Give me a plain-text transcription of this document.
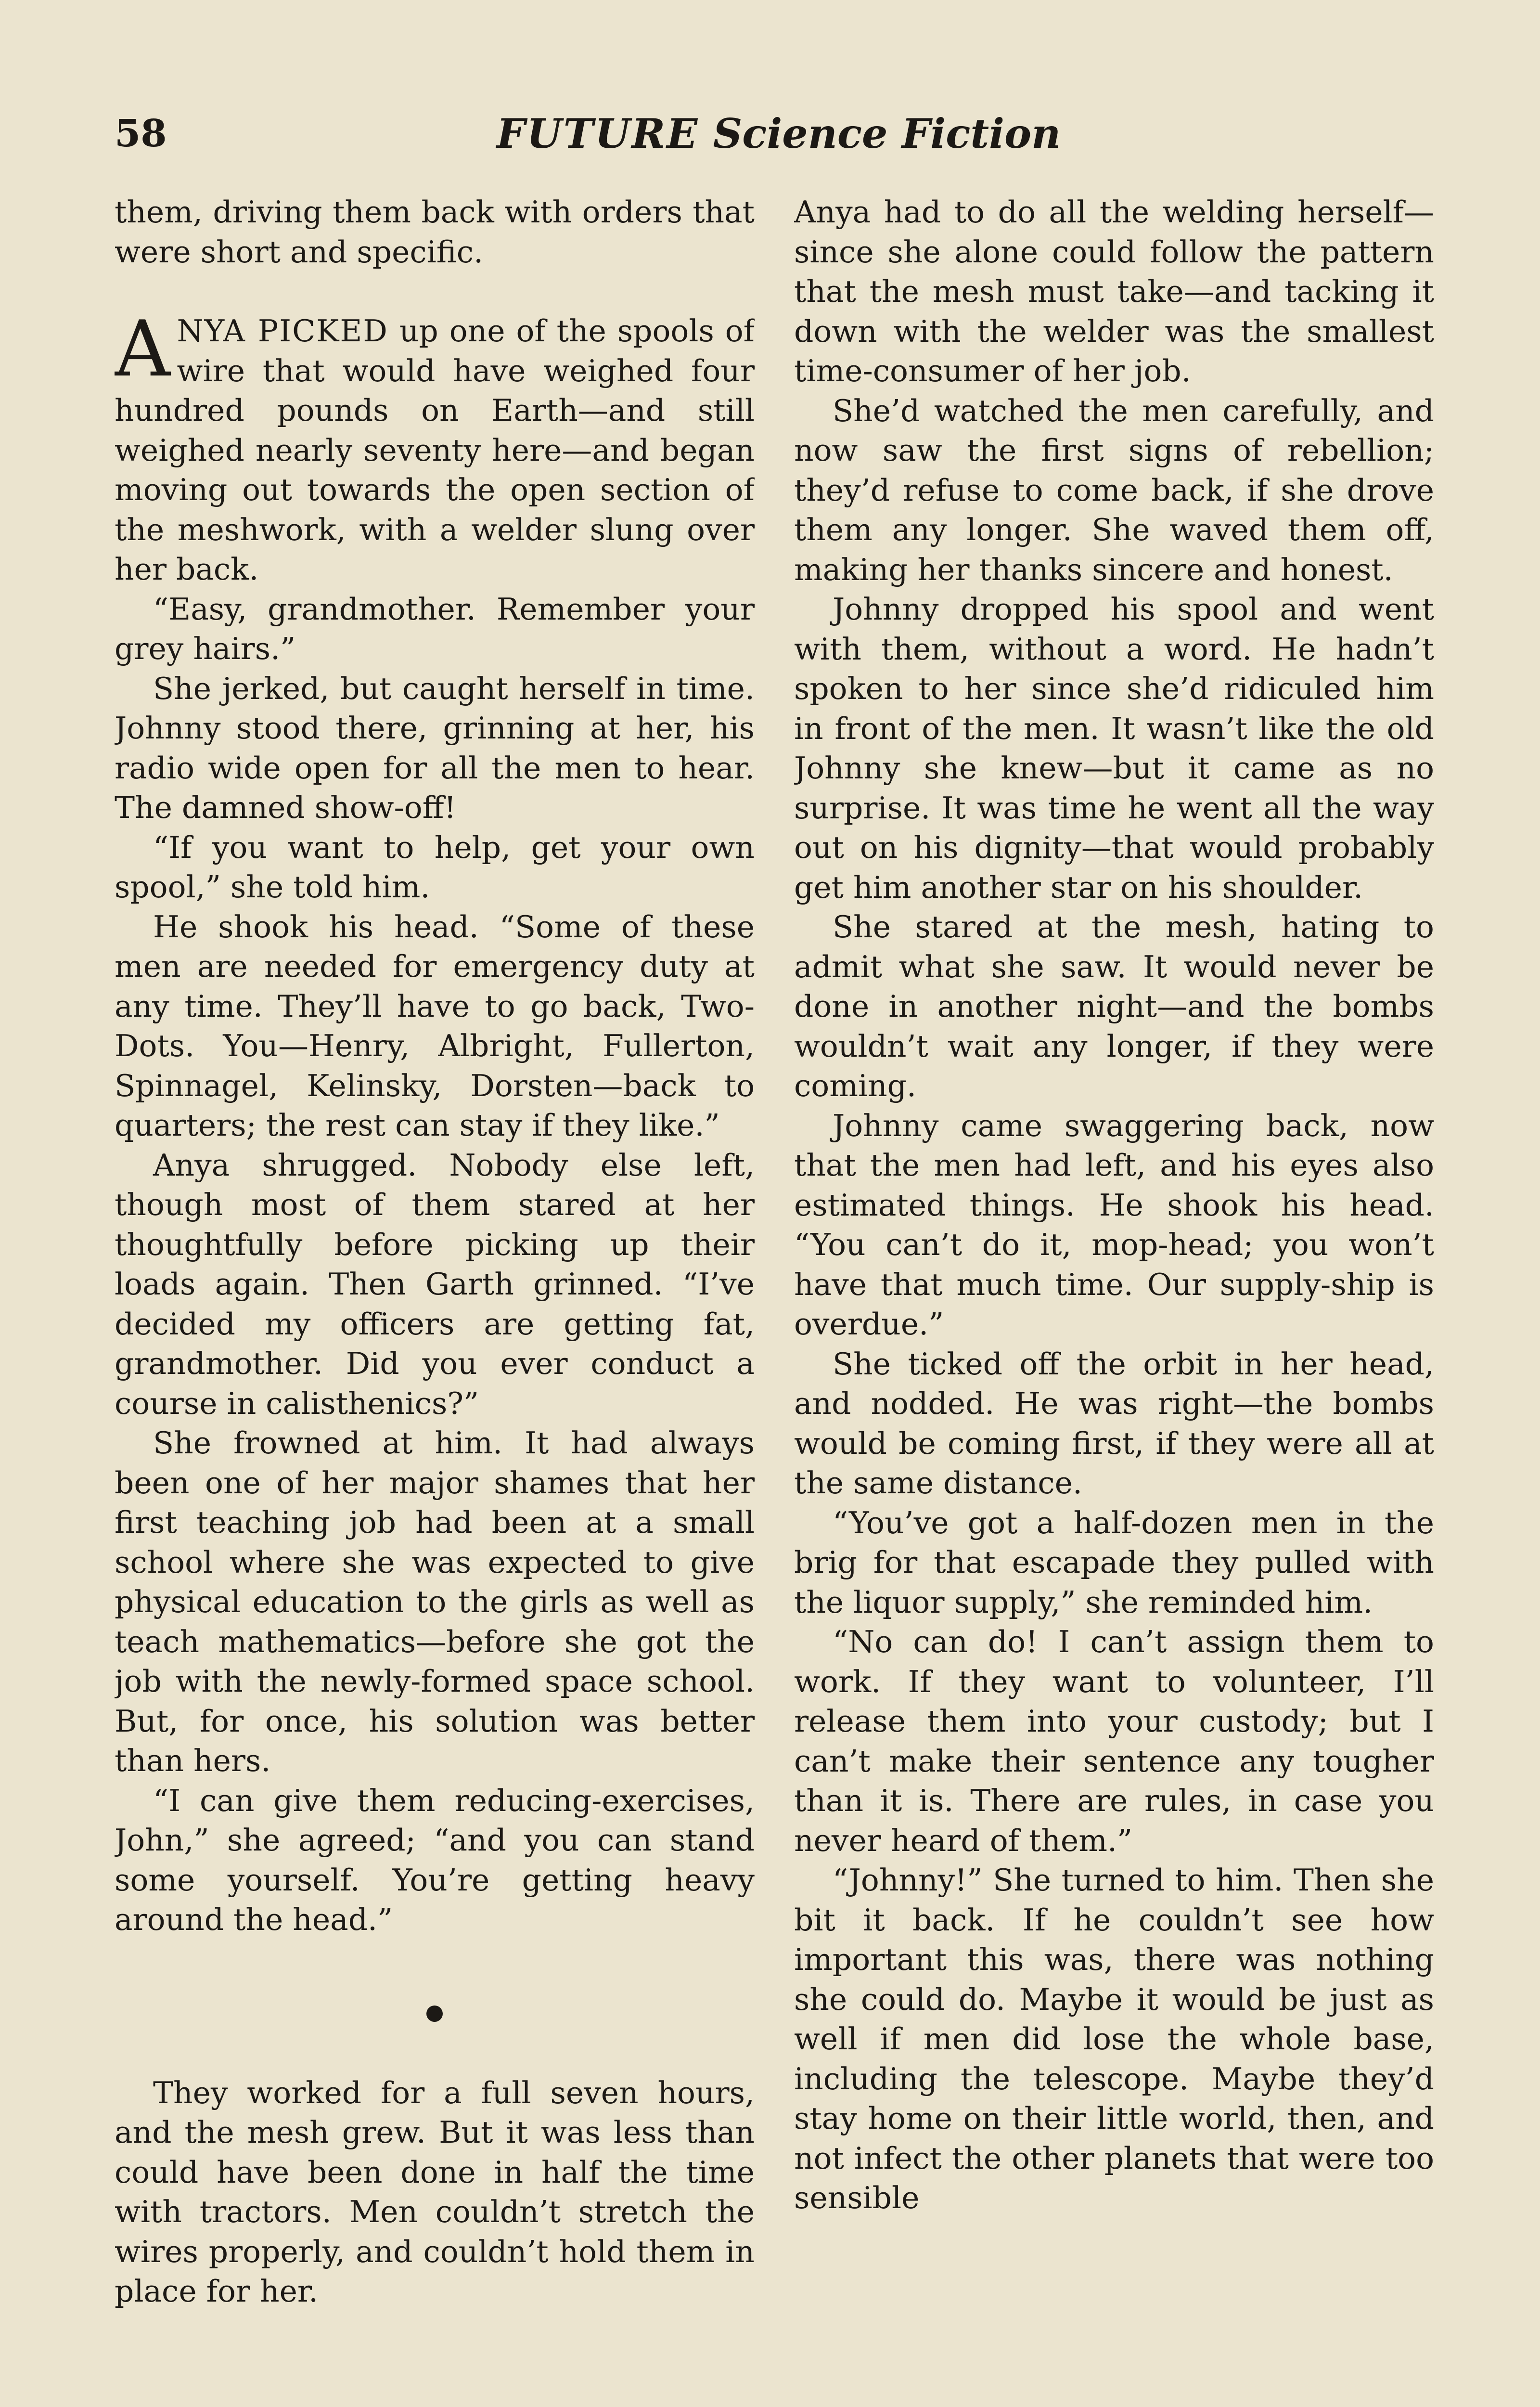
58	FUTURE Science Fiction

them, driving them back with orders that were short and specific.

ANYA PICKED up one of the spools of wire that would have weighed four hundred pounds on Earth—and still weighed nearly seventy here—and began moving out towards the open section of the meshwork, with a welder slung over her back.

“Easy, grandmother. Remember your grey hairs.”

She jerked, but caught herself in time. Johnny stood there, grinning at her, his radio wide open for all the men to hear. The damned show-off!

“If you want to help, get your own spool,” she told him.

He shook his head. “Some of these men are needed for emergency duty at any time. They’ll have to go back, Two-Dots. You—Henry, Albright, Fullerton, Spinnagel, Kelinsky, Dorsten—back to quarters; the rest can stay if they like.”

Anya shrugged. Nobody else left, though most of them stared at her thoughtfully before picking up their loads again. Then Garth grinned. “I’ve decided my officers are getting fat, grandmother. Did you ever conduct a course in calisthenics?”

She frowned at him. It had always been one of her major shames that her first teaching job had been at a small school where she was expected to give physical education to the girls as well as teach mathematics—before she got the job with the newly-formed space school. But, for once, his solution was better than hers.

“I can give them reducing-exercises, John,” she agreed; “and you can stand some yourself. You’re getting heavy around the head.”

They worked for a full seven hours, and the mesh grew. But it was less than could have been done in half the time with tractors. Men couldn’t stretch the wires properly, and couldn’t hold them in place for her.

Anya had to do all the welding herself—since she alone could follow the pattern that the mesh must take—and tacking it down with the welder was the smallest time-consumer of her job.

She’d watched the men carefully, and now saw the first signs of rebellion; they’d refuse to come back, if she drove them any longer. She waved them off, making her thanks sincere and honest.

Johnny dropped his spool and went with them, without a word. He hadn’t spoken to her since she’d ridiculed him in front of the men. It wasn’t like the old Johnny she knew—but it came as no surprise. It was time he went all the way out on his dignity—that would probably get him another star on his shoulder.

She stared at the mesh, hating to admit what she saw. It would never be done in another night—and the bombs wouldn’t wait any longer, if they were coming.

Johnny came swaggering back, now that the men had left, and his eyes also estimated things. He shook his head. “You can’t do it, mop-head; you won’t have that much time. Our supply-ship is overdue.”

She ticked off the orbit in her head, and nodded. He was right—the bombs would be coming first, if they were all at the same distance.

“You’ve got a half-dozen men in the brig for that escapade they pulled with the liquor supply,” she reminded him.

“No can do! I can’t assign them to work. If they want to volunteer, I’ll release them into your custody; but I can’t make their sentence any tougher than it is. There are rules, in case you never heard of them.”

“Johnny!” She turned to him. Then she bit it back. If he couldn’t see how important this was, there was nothing she could do. Maybe it would be just as well if men did lose the whole base, including the telescope. Maybe they’d stay home on their little world, then, and not infect the other planets that were too sensible
